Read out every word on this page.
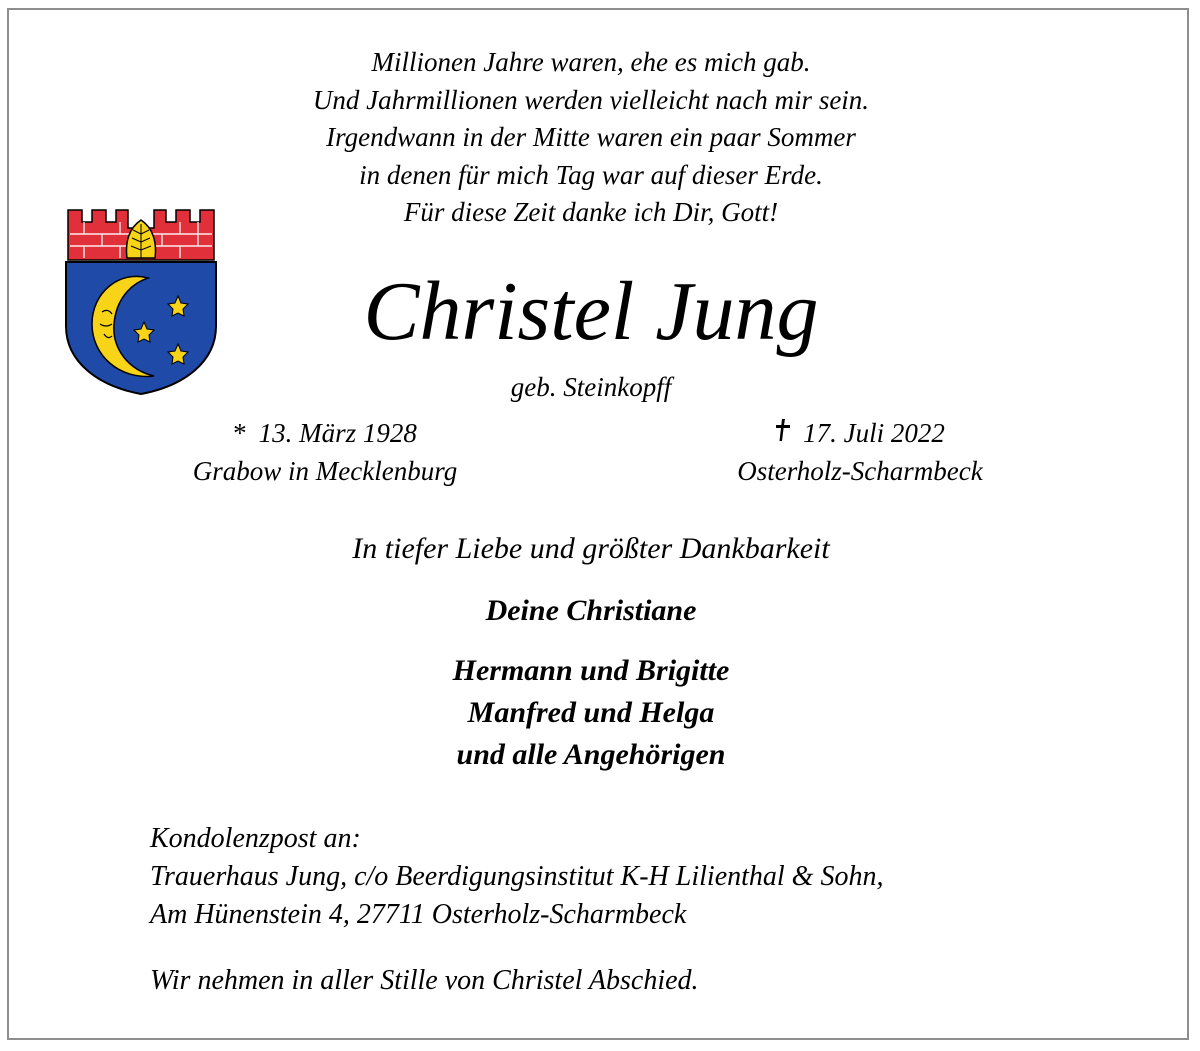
Millionen Jahre waren, ehe es mich gab.
Und Jahrmillionen werden vielleicht nach mir sein.
Irgendwann in der Mitte waren ein paar Sommer
in denen für mich Tag war auf dieser Erde.
Für diese Zeit danke ich Dir, Gott!
Christel Jung
geb. Steinkopff
* 13. März 1928
Grabow in Mecklenburg
17. Juli 2022
Osterholz-Scharmbeck
In tiefer Liebe und größter Dankbarkeit
Deine Christiane
Hermann und Brigitte
Manfred und Helga
und alle Angehörigen
Kondolenzpost an:
Trauerhaus Jung, c/o Beerdigungsinstitut K-H Lilienthal & Sohn,
Am Hünenstein 4, 27711 Osterholz-Scharmbeck
Wir nehmen in aller Stille von Christel Abschied.
